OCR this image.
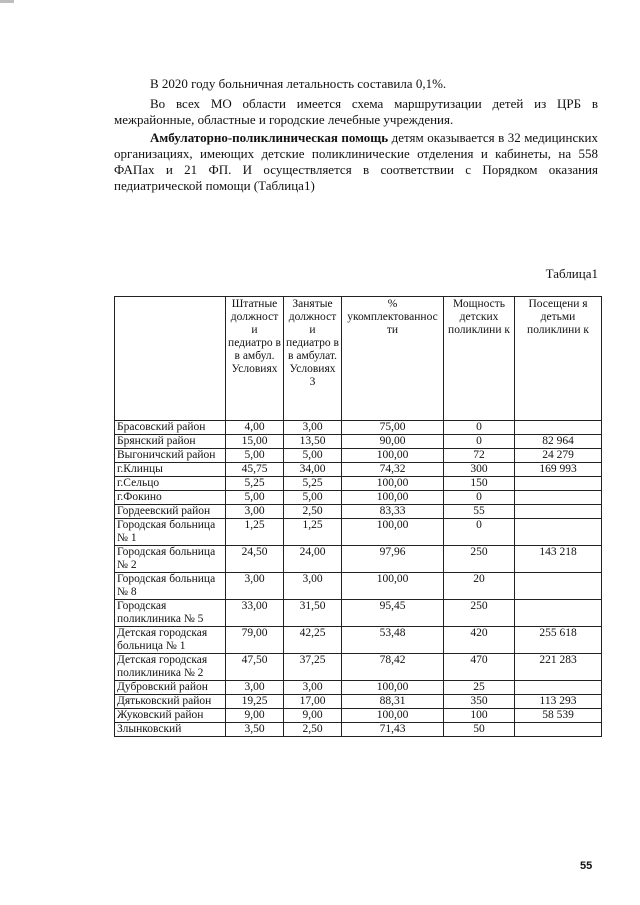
В 2020 году больничная летальность составила 0,1%.

Во всех МО области имеется схема маршрутизации детей из ЦРБ в межрайонные, областные и городские лечебные учреждения.

Амбулаторно-поликлиническая помощь детям оказывается в 32 медицинских организациях, имеющих детские поликлинические отделения и кабинеты, на 558 ФАПах и 21 ФП. И осуществляется в соответствии с Порядком оказания педиатрической помощи (Таблица1)

Таблица1
	Штатные должност и педиатро в в амбул. Условиях	Занятые должност и педиатро в в амбулат. Условиях 3	% укомплектованнос ти	Мощность детских поликлини к	Посещени я детьми поликлини к
Брасовский район	4,00	3,00	75,00	0	
Брянский район	15,00	13,50	90,00	0	82 964
Выгоничский район	5,00	5,00	100,00	72	24 279
г.Клинцы	45,75	34,00	74,32	300	169 993
г.Сельцо	5,25	5,25	100,00	150	
г.Фокино	5,00	5,00	100,00	0	
Гордеевский район	3,00	2,50	83,33	55	
Городская больница № 1	1,25	1,25	100,00	0	
Городская больница № 2	24,50	24,00	97,96	250	143 218
Городская больница № 8	3,00	3,00	100,00	20	
Городская поликлиника № 5	33,00	31,50	95,45	250	
Детская городская больница № 1	79,00	42,25	53,48	420	255 618
Детская городская поликлиника № 2	47,50	37,25	78,42	470	221 283
Дубровский район	3,00	3,00	100,00	25	
Дятьковский район	19,25	17,00	88,31	350	113 293
Жуковский район	9,00	9,00	100,00	100	58 539
Злынковский	3,50	2,50	71,43	50	
55
